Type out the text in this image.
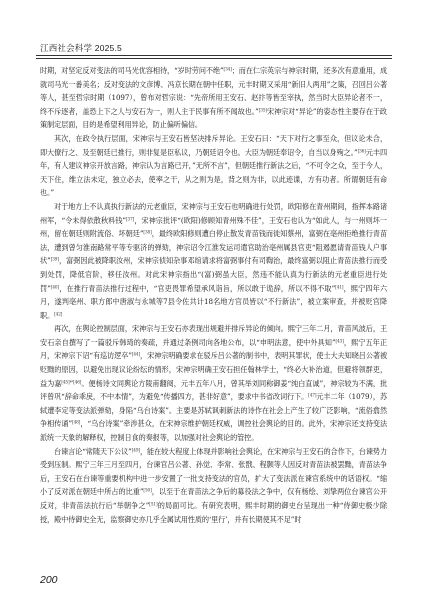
江西社会科学 2025.5

时期，对坚定反对变法的司马光优容相待，“岁时劳问不绝”[34]；而在仁宗英宗与神宗时期，还多次有意重用，成就司马光一番美名；反对变法的文彦博、冯京长期在朝中任职，元丰时期又采用“新旧人两用”之策，召回吕公著等人，甚至哲宗时期（1097），曾布对哲宗说：“先帝所用王安石、赵抃等皆至宰执，然当时大臣异论者不一，终不斥逐者，盖恐上下之人与安石为一，则人主于民事有所不闻故也。”[35]宋神宗对“异论”的姿态性主要存在于政策制定层面，目的是希望利用异论，防止偏听偏信。

其次，在政令执行层面，宋神宗与王安石皆坚决排斥异论。王安石曰：“天下对行之事至众，但议论未合，即大僚行之、及至朝廷已推行，则非复是臣私议，乃朝廷诏令也。大臣为朝廷奉诏令，自当以身殉之。”[36]元丰四年，有人建议神宗开放言路，神宗认为言路已开，”无所不言”，但朝廷推行新法之后，“不可令之众，至于今人，天下住，维立法未定，独立必去，使率之干，从之则为是，背之则为非，以此迹谍，方有功者。所谓朝廷有命也。”

对于地方上不认真执行新法的元老重臣，宋神宗与王安石也明确进行处罚，欧阳修在青州期间，指挥本路诸州军，“令未得依散秋料钱”[37]，宋神宗批评“(欧阳)修顾知青州殊不佳”，王安石也认为“如此人，与一州则坏一州，留在朝廷则附流俗、坏朝廷”[38]，最终欧阳修则遭白停止散发青苗钱而徙知蔡州，富弼在亳州拒绝推行青苗法，遭到曾匀淮南路常平等专驱济的弹劾，神宗诏令江淮发运司遣官助治亳州属县官吏“阻遏愿请青苗钱人户事状”[39]，富弼因此被降职汝州，宋神宗侦知杂事邓绾请求将富弼事付有司鞫治，最终富弼以阻止青苗法推行而受到处罚，降低官阶，移任汝州。对此宋神宗指出“(富)弼虽大臣，然违不能认真为行新法的元老重臣进行处罚”[40]，在推行青苗法推行过程中，“官吏畏罪希望承风诣旨，所以敢于诡辞，所以不得不取”[41]，熙宁四年六月，遂判亳州、职方郎中唐淑与永城等7县令佐共计18名地方官员皆以“不行新法”，被立案审查，并被贬官降职。[42]

再次，在舆论控制层面，宋神宗与王安石亦表现出规避并排斥异论的倾向。熙宁三年二月，青苗风波后，王安石亲自撰写了一篇驳斥韩琦的奏疏，并通过条例司向各地公布，以“申明法意，使中外具知”[43]，熙宁五年正月，宋神宗下诏“有巡访逻卒”[44]，宋神宗明确要求在驳斥吕公著的制书中，表明其罪状，使士大夫知晓吕公著被贬黜的原因，以避免出现议论纷纭的情形，宋神宗明确王安石担任翰林学士，“终必大补治道，但避将领群吏，益为嘉[45]”[46]。便杨诗文同舆论方陵甫翻阅，元丰五年八月，曾其举刘同称御姜“纯白直诚”，神宗较为不满，批评曾巩“辞命乖戾，不中本情”，为避免“传播四方，甚非好意”，要求中书省改词行下。[47]元丰二年（1079），苏轼遭李定等变法派弹劾，身陷“乌台诗案”。主要是苏轼讽刺新法的诗作在社会上产生了较广泛影响，“流俗翕然争相传诵”[48]，“乌台诗案”牵涉甚众，在宋神宗维护朝廷权威，调控社会舆论的目的。此外，宋神宗还支持变法派统一天象的解释权，控制日食的奏报等，以加强对社会舆论的管控。

台谏言论“常随天下公议”[49]，能在较大程度上体现并影响社会舆论，在宋神宗与王安石的合作下，台谏势力受到压制。熙宁三年三月至四月，台谏官吕公著、孙觉、李常、张戬、程颢等人因反对青苗法被罢黜，青苗法争后，王安石在台谏等重要机构中进一步安置了一批支持变法的官员，扩大了变法派在谏官系统中的话语权。“缩小了反对派在朝廷中所占的比重”[50]，以至于在青苗法之争后的募役法之争中，仅有杨绘、刘挚两位台谏官公开反对，非青苗法抗行后“举朝争之”[51]的局面可比。有研究表明，熙丰时期的御史台呈现出一种“侍御史极少除授，殿中侍御史全无，监察御史亦几乎全属试用性质的‘里行’，并有长期使其不足”时

200
